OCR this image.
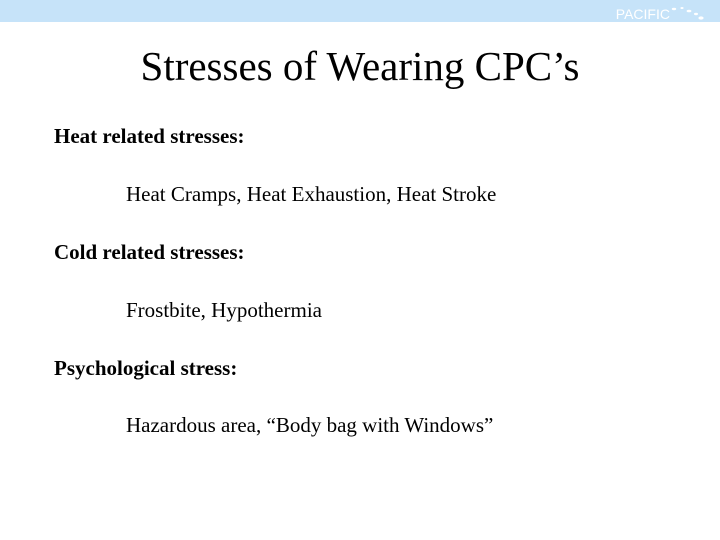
PACIFIC
EMPRINTS
Stresses of Wearing CPC’s
Heat related stresses:
Heat Cramps, Heat Exhaustion, Heat Stroke
Cold related stresses:
Frostbite, Hypothermia
Psychological stress:
Hazardous area, “Body bag with Windows”
